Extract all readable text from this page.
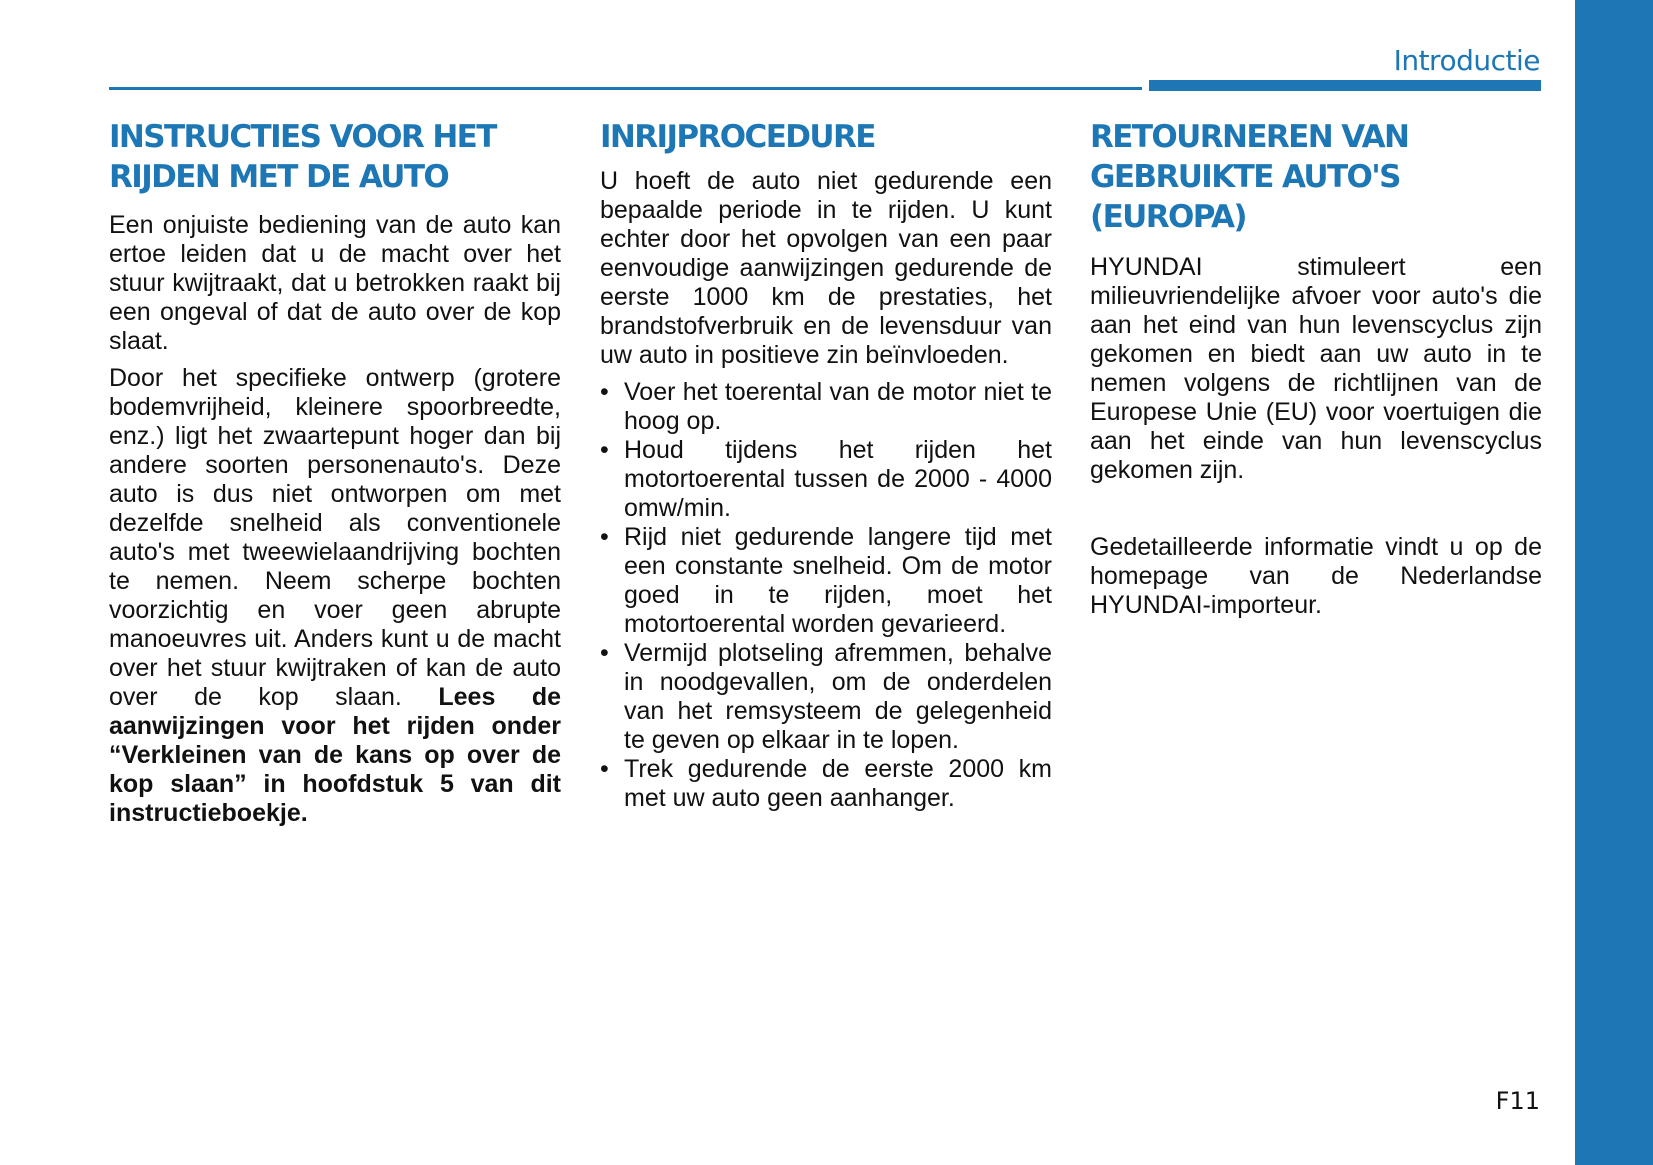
Introductie
INSTRUCTIES VOOR HET
RIJDEN MET DE AUTO

Een onjuiste bediening van de auto kan ertoe leiden dat u de macht over het stuur kwijtraakt, dat u betrokken raakt bij een ongeval of dat de auto over de kop slaat.

Door het specifieke ontwerp (grotere bodemvrijheid, kleinere spoorbreedte, enz.) ligt het zwaartepunt hoger dan bij andere soorten personenauto's. Deze auto is dus niet ontworpen om met dezelfde snelheid als conventionele auto's met tweewielaandrijving bochten te nemen. Neem scherpe bochten voorzichtig en voer geen abrupte manoeuvres uit. Anders kunt u de macht over het stuur kwijtraken of kan de auto over de kop slaan. Lees de aanwijzingen voor het rijden onder “Verkleinen van de kans op over de kop slaan” in hoofdstuk 5 van dit instructieboekje.

INRIJPROCEDURE

U hoeft de auto niet gedurende een bepaalde periode in te rijden. U kunt echter door het opvolgen van een paar eenvoudige aanwijzingen gedurende de eerste 1000 km de prestaties, het brandstofverbruik en de levensduur van uw auto in positieve zin beïnvloeden.

• Voer het toerental van de motor niet te hoog op.
• Houd tijdens het rijden het motortoerental tussen de 2000 - 4000 omw/min.
• Rijd niet gedurende langere tijd met een constante snelheid. Om de motor goed in te rijden, moet het motortoerental worden gevarieerd.
• Vermijd plotseling afremmen, behalve in noodgevallen, om de onderdelen van het remsysteem de gelegenheid te geven op elkaar in te lopen.
• Trek gedurende de eerste 2000 km met uw auto geen aanhanger.
RETOURNEREN VAN
GEBRUIKTE AUTO'S (EUROPA)

HYUNDAI stimuleert een milieuvriendelijke afvoer voor auto's die aan het eind van hun levenscyclus zijn gekomen en biedt aan uw auto in te nemen volgens de richtlijnen van de Europese Unie (EU) voor voertuigen die aan het einde van hun levenscyclus gekomen zijn.

Gedetailleerde informatie vindt u op de homepage van de Nederlandse HYUNDAI-importeur.

F11
